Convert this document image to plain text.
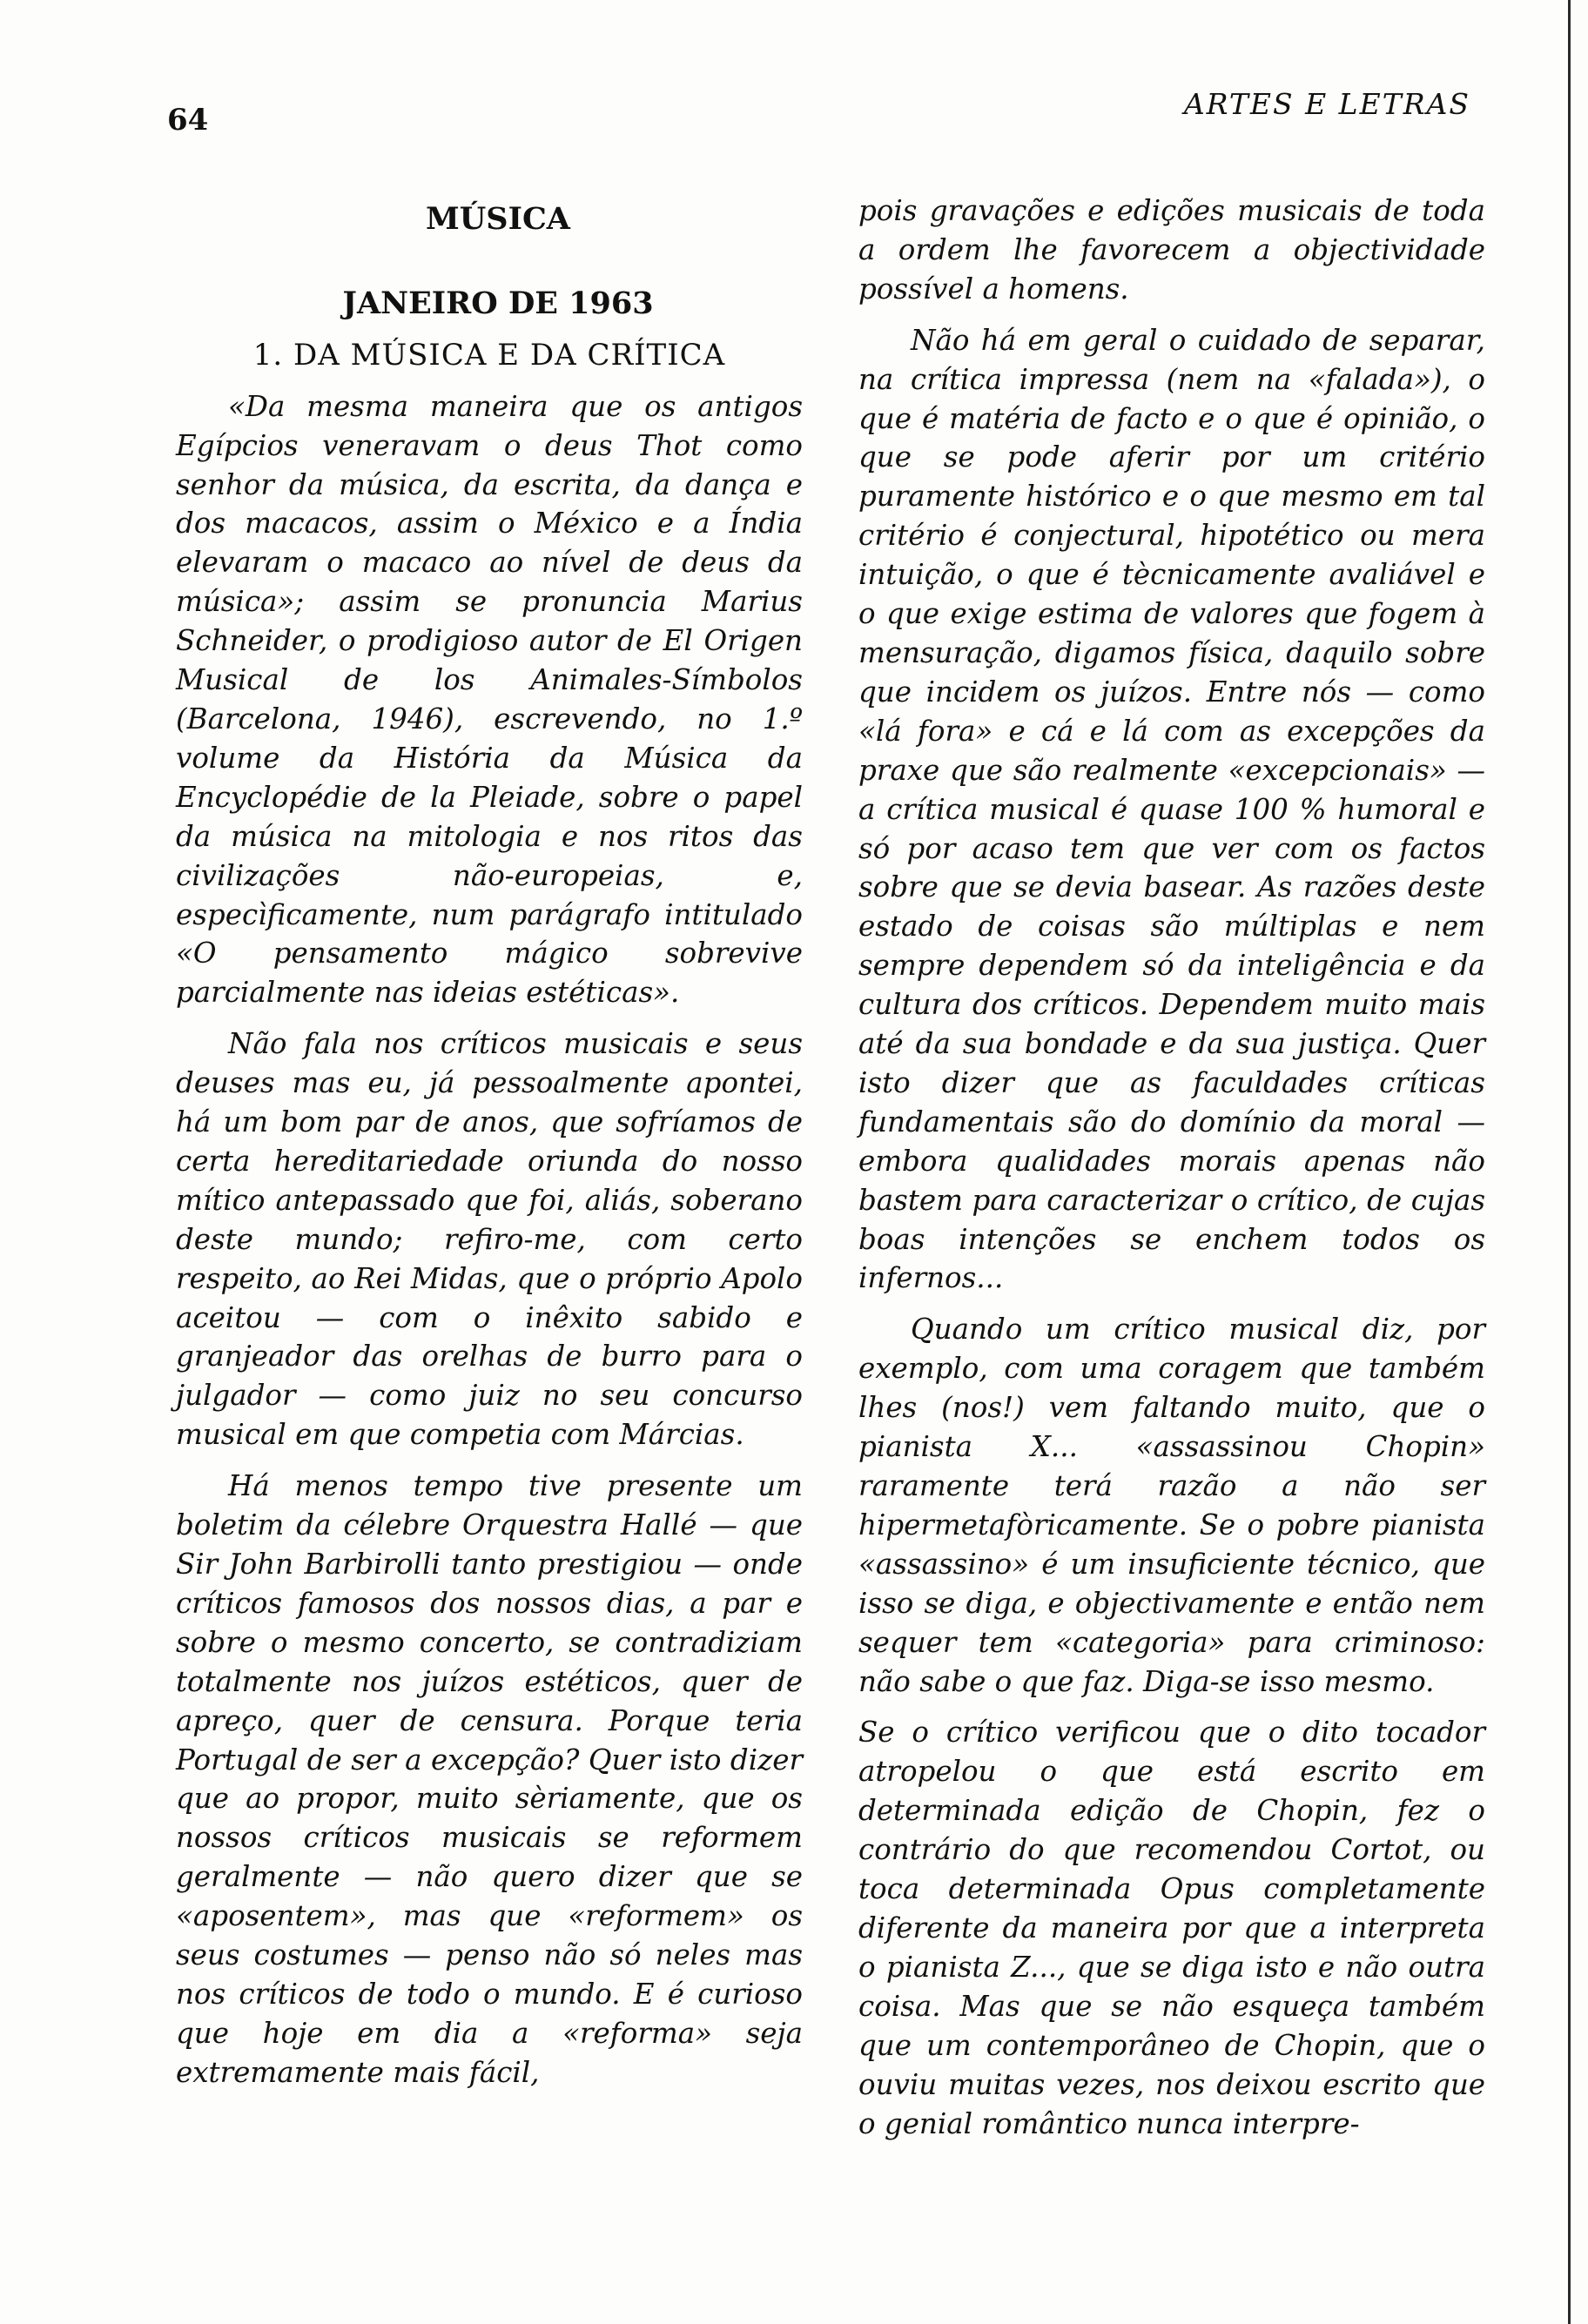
64	ARTES E LETRAS

MÚSICA

JANEIRO DE 1963

1. DA MÚSICA E DA CRÍTICA

«Da mesma maneira que os antigos Egípcios veneravam o deus Thot como senhor da música, da escrita, da dança e dos macacos, assim o México e a Índia elevaram o macaco ao nível de deus da música»; assim se pronuncia Marius Schneider, o prodigioso autor de El Origen Musical de los Animales-Símbolos (Barcelona, 1946), escrevendo, no 1.º volume da História da Música da Encyclopédie de la Pleiade, sobre o papel da música na mitologia e nos ritos das civilizações não-europeias, e, especìficamente, num parágrafo intitulado «O pensamento mágico sobrevive parcialmente nas ideias estéticas».

Não fala nos críticos musicais e seus deuses mas eu, já pessoalmente apontei, há um bom par de anos, que sofríamos de certa hereditariedade oriunda do nosso mítico antepassado que foi, aliás, soberano deste mundo; refiro-me, com certo respeito, ao Rei Midas, que o próprio Apolo aceitou — com o inêxito sabido e granjeador das orelhas de burro para o julgador — como juiz no seu concurso musical em que competia com Márcias.

Há menos tempo tive presente um boletim da célebre Orquestra Hallé — que Sir John Barbirolli tanto prestigiou — onde críticos famosos dos nossos dias, a par e sobre o mesmo concerto, se contradiziam totalmente nos juízos estéticos, quer de apreço, quer de censura. Porque teria Portugal de ser a excepção? Quer isto dizer que ao propor, muito sèriamente, que os nossos críticos musicais se reformem geralmente — não quero dizer que se «aposentem», mas que «reformem» os seus costumes — penso não só neles mas nos críticos de todo o mundo. E é curioso que hoje em dia a «reforma» seja extremamente mais fácil,

pois gravações e edições musicais de toda a ordem lhe favorecem a objectividade possível a homens.

Não há em geral o cuidado de separar, na crítica impressa (nem na «falada»), o que é matéria de facto e o que é opinião, o que se pode aferir por um critério puramente histórico e o que mesmo em tal critério é conjectural, hipotético ou mera intuição, o que é tècnicamente avaliável e o que exige estima de valores que fogem à mensuração, digamos física, daquilo sobre que incidem os juízos. Entre nós — como «lá fora» e cá e lá com as excepções da praxe que são realmente «excepcionais» — a crítica musical é quase 100 % humoral e só por acaso tem que ver com os factos sobre que se devia basear. As razões deste estado de coisas são múltiplas e nem sempre dependem só da inteligência e da cultura dos críticos. Dependem muito mais até da sua bondade e da sua justiça. Quer isto dizer que as faculdades críticas fundamentais são do domínio da moral — embora qualidades morais apenas não bastem para caracterizar o crítico, de cujas boas intenções se enchem todos os infernos...

Quando um crítico musical diz, por exemplo, com uma coragem que também lhes (nos!) vem faltando muito, que o pianista X... «assassinou Chopin» raramente terá razão a não ser hipermetafòricamente. Se o pobre pianista «assassino» é um insuficiente técnico, que isso se diga, e objectivamente e então nem sequer tem «categoria» para criminoso: não sabe o que faz. Diga-se isso mesmo.

Se o crítico verificou que o dito tocador atropelou o que está escrito em determinada edição de Chopin, fez o contrário do que recomendou Cortot, ou toca determinada Opus completamente diferente da maneira por que a interpreta o pianista Z..., que se diga isto e não outra coisa. Mas que se não esqueça também que um contemporâneo de Chopin, que o ouviu muitas vezes, nos deixou escrito que o genial romântico nunca interpre-
